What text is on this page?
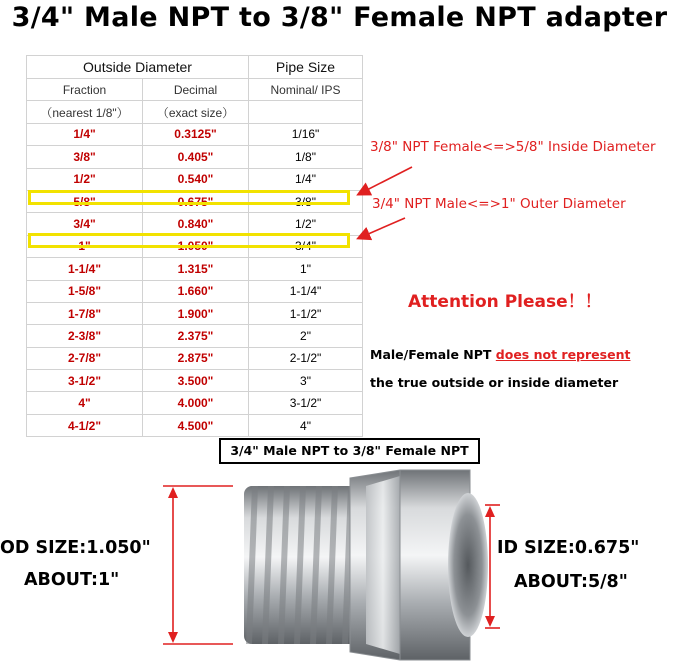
3/4" Male NPT to 3/8" Female NPT adapter
Outside Diameter		Pipe Size
Fraction	Decimal	Nominal/ IPS
（nearest 1/8"）	（exact size）	
1/4"	0.3125"	1/16"
3/8"	0.405"	1/8"
1/2"	0.540"	1/4"
5/8"	0.675"	3/8"
3/4"	0.840"	1/2"
1"	1.050"	3/4"
1-1/4"	1.315"	1"
1-5/8"	1.660"	1-1/4"
1-7/8"	1.900"	1-1/2"
2-3/8"	2.375"	2"
2-7/8"	2.875"	2-1/2"
3-1/2"	3.500"	3"
4"	4.000"	3-1/2"
4-1/2"	4.500"	4"
3/8" NPT Female<=>5/8" Inside Diameter
3/4" NPT Male<=>1" Outer Diameter
Attention Please！！
Male/Female NPT does not represent
the true outside or inside diameter
3/4" Male NPT to 3/8" Female NPT
OD SIZE:1.050"
ABOUT:1"
ID SIZE:0.675"
ABOUT:5/8"
